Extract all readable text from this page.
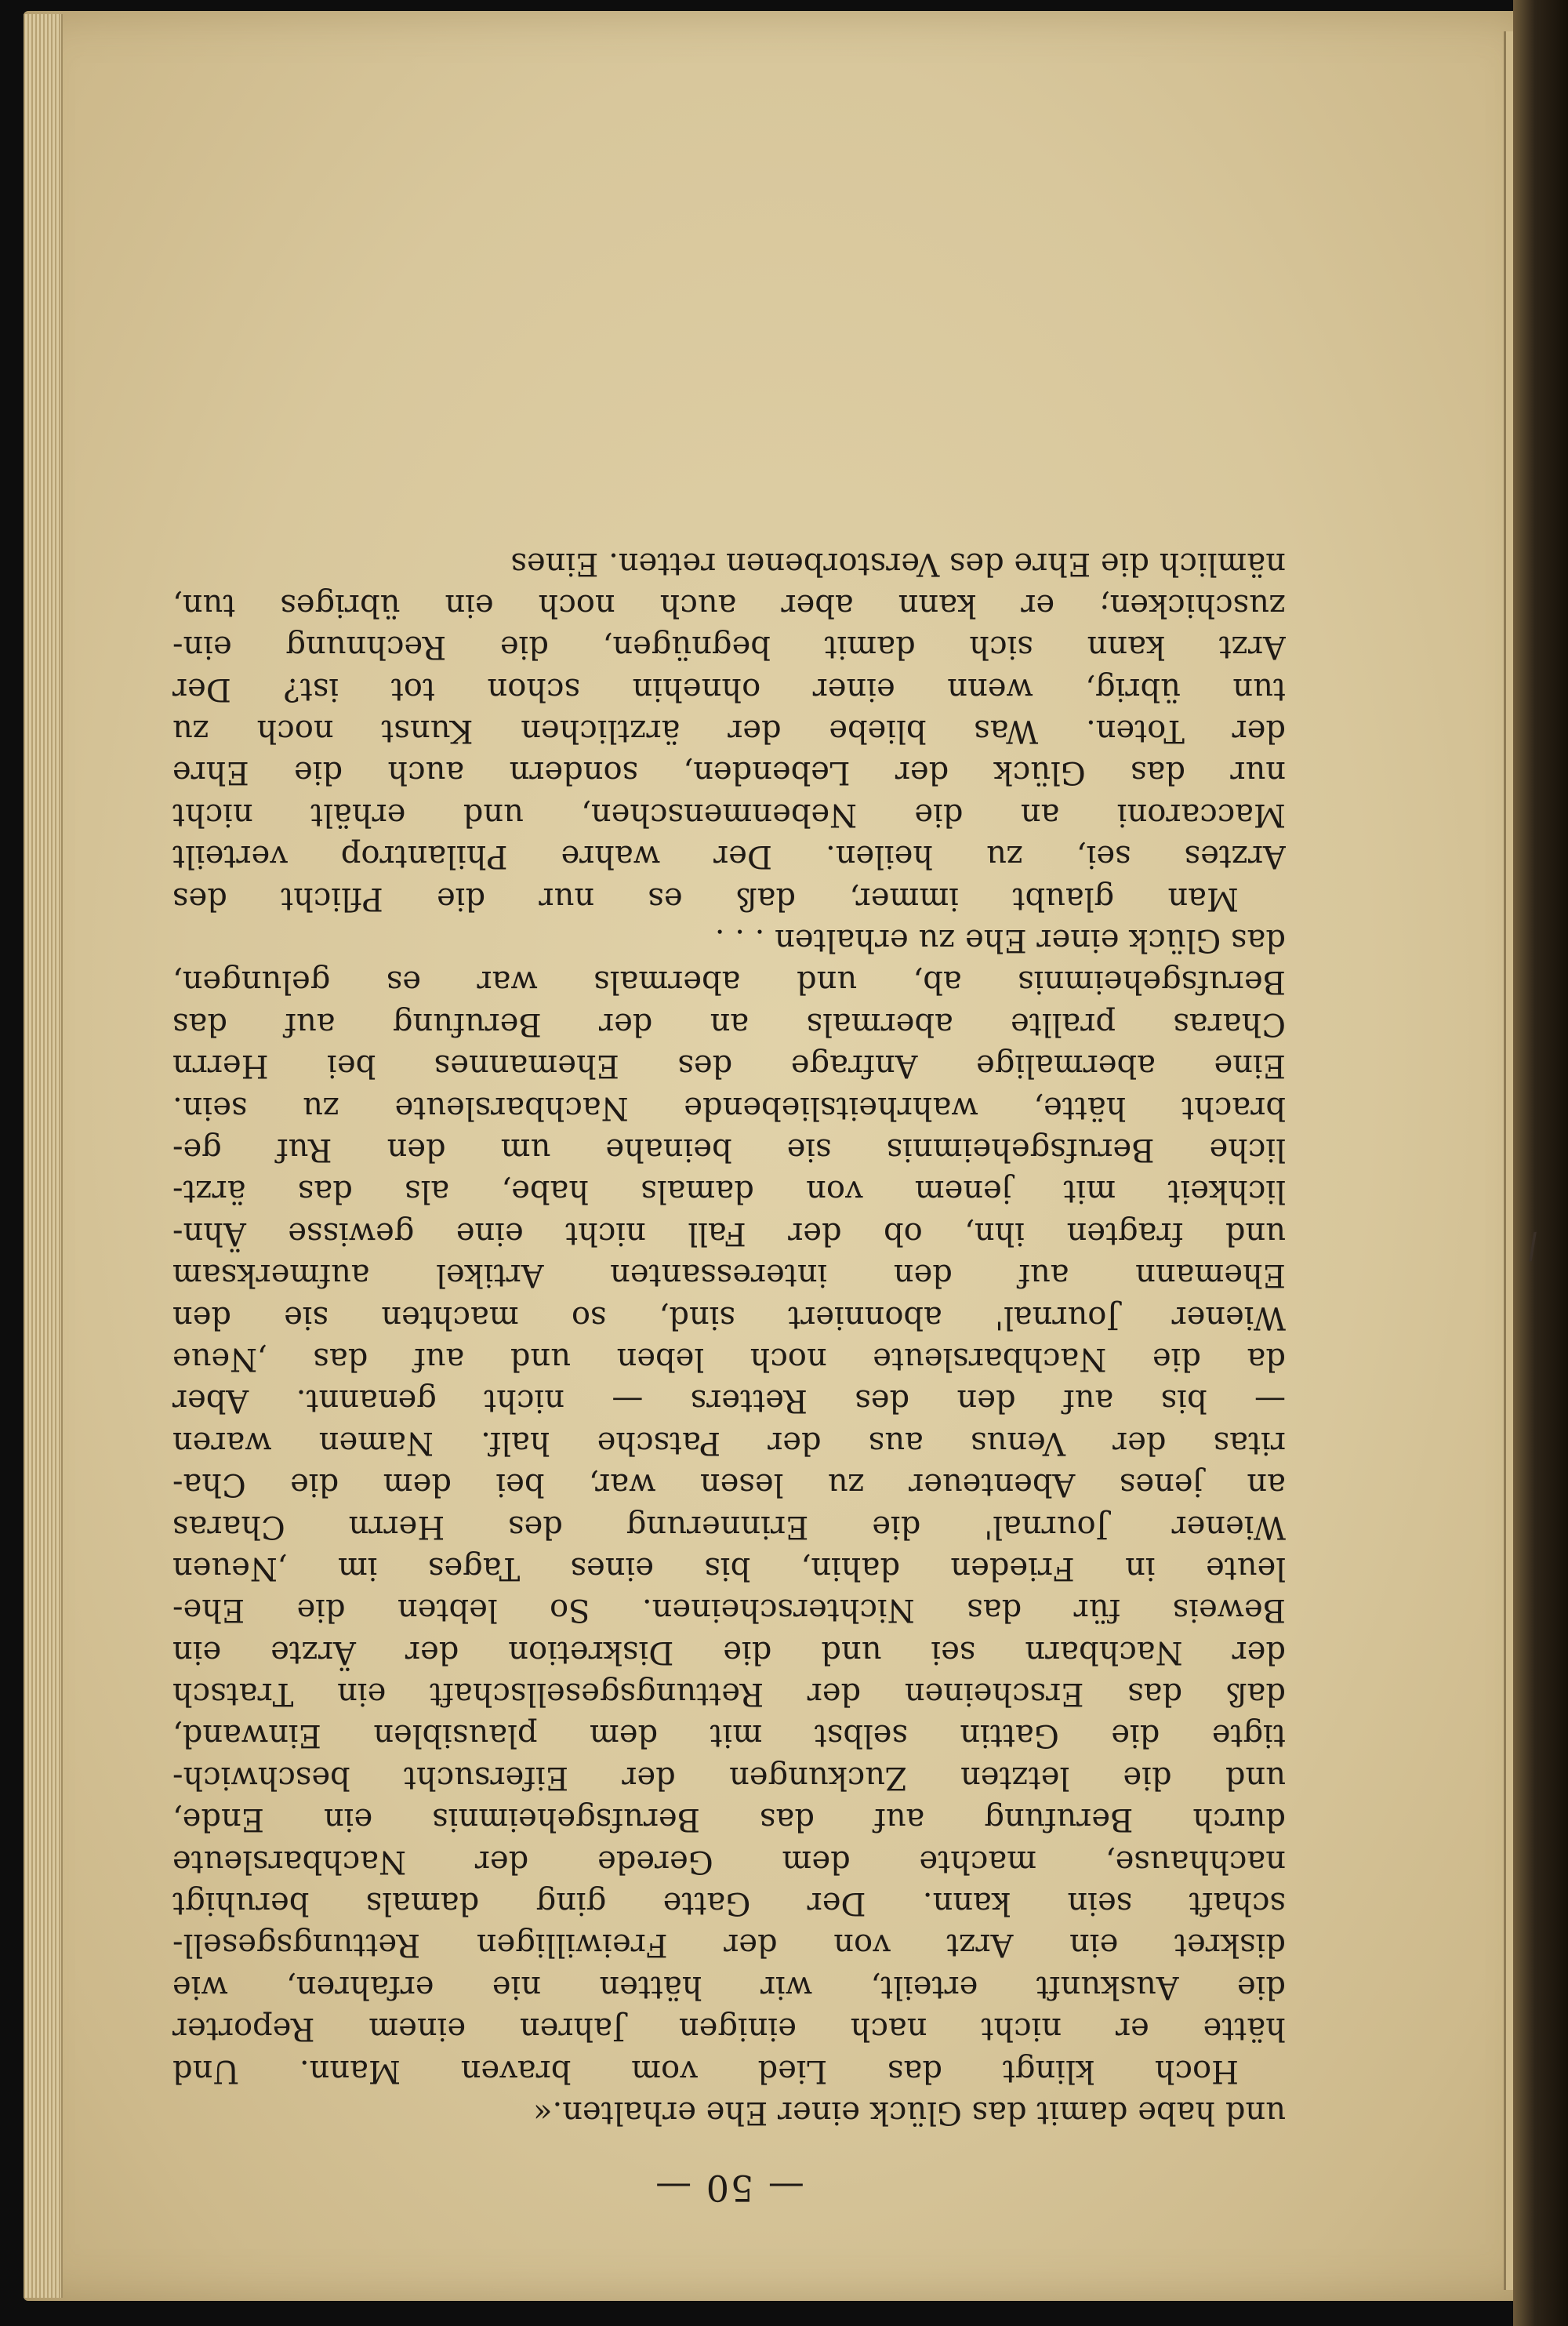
/
— 50 —
und habe damit das Glück einer Ehe erhalten.«
Hoch klingt das Lied vom braven Mann. Und
hätte er nicht nach einigen Jahren einem Reporter
die Auskunft erteilt, wir hätten nie erfahren, wie
diskret ein Arzt von der Freiwilligen Rettungsgesell-
schaft sein kann. Der Gatte ging damals beruhigt
nachhause, machte dem Gerede der Nachbarsleute
durch Berufung auf das Berufsgeheimnis ein Ende,
und die letzten Zuckungen der Eifersucht beschwich-
tigte die Gattin selbst mit dem plausiblen Einwand,
daß das Erscheinen der Rettungsgesellschaft ein Tratsch
der Nachbarn sei und die Diskretion der Ärzte ein
Beweis für das Nichterscheinen. So lebten die Ehe-
leute in Frieden dahin, bis eines Tages im ‚Neuen
Wiener Journal' die Erinnerung des Herrn Charas
an jenes Abenteuer zu lesen war, bei dem die Cha-
ritas der Venus aus der Patsche half. Namen waren
— bis auf den des Retters — nicht genannt. Aber
da die Nachbarsleute noch leben und auf das ‚Neue
Wiener Journal' abonniert sind, so machten sie den
Ehemann auf den interessanten Artikel aufmerksam
und fragten ihn, ob der Fall nicht eine gewisse Ähn-
lichkeit mit jenem von damals habe, als das ärzt-
liche Berufsgeheimnis sie beinahe um den Ruf ge-
bracht hätte, wahrheitsliebende Nachbarsleute zu sein.
Eine abermalige Anfrage des Ehemannes bei Herrn
Charas prallte abermals an der Berufung auf das
Berufsgeheimnis ab, und abermals war es gelungen,
das Glück einer Ehe zu erhalten . . .
Man glaubt immer, daß es nur die Pflicht des
Arztes sei, zu heilen. Der wahre Philantrop verteilt
Maccaroni an die Nebenmenschen, und erhält nicht
nur das Glück der Lebenden, sondern auch die Ehre
der Toten. Was bliebe der ärztlichen Kunst noch zu
tun übrig, wenn einer ohnehin schon tot ist? Der
Arzt kann sich damit begnügen, die Rechnung ein-
zuschicken; er kann aber auch noch ein übriges tun,
nämlich die Ehre des Verstorbenen retten. Eines
